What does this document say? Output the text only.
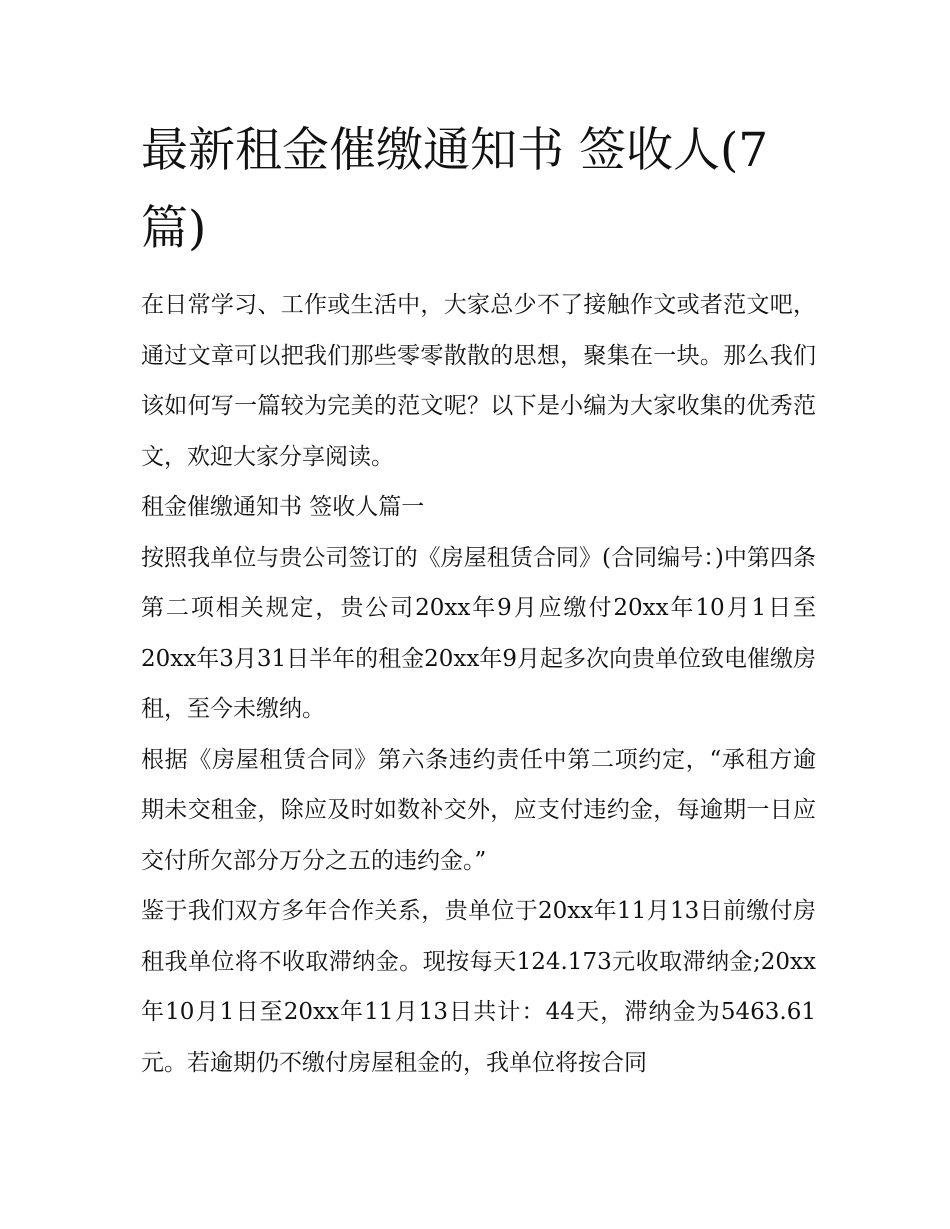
最新租金催缴通知书 签收人(7篇)

在日常学习、工作或生活中，大家总少不了接触作文或者范文吧，通过文章可以把我们那些零零散散的思想，聚集在一块。那么我们该如何写一篇较为完美的范文呢？以下是小编为大家收集的优秀范文，欢迎大家分享阅读。

租金催缴通知书 签收人篇一

按照我单位与贵公司签订的《房屋租赁合同》(合同编号：)中第四条第二项相关规定，贵公司20xx年9月应缴付20xx年10月1日至20xx年3月31日半年的租金20xx年9月起多次向贵单位致电催缴房租，至今未缴纳。

根据《房屋租赁合同》第六条违约责任中第二项约定，“承租方逾期未交租金，除应及时如数补交外，应支付违约金，每逾期一日应交付所欠部分万分之五的违约金。”

鉴于我们双方多年合作关系，贵单位于20xx年11月13日前缴付房租我单位将不收取滞纳金。现按每天124.173元收取滞纳金;20xx年10月1日至20xx年11月13日共计：44天，滞纳金为5463.61元。若逾期仍不缴付房屋租金的，我单位将按合同
